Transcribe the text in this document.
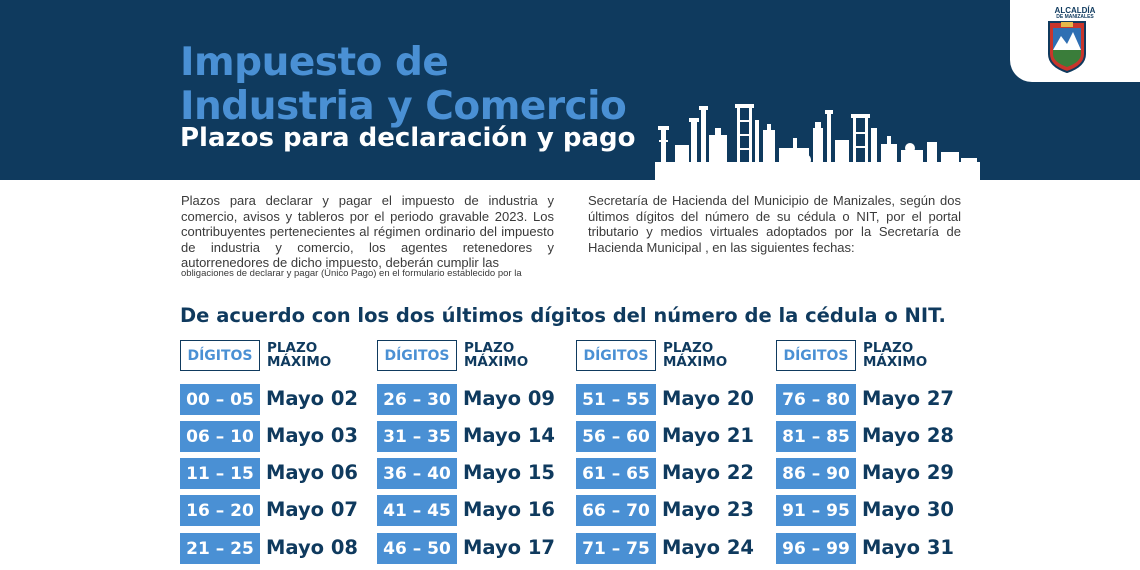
Impuesto de
Industria y Comercio
Plazos para declaración y pago
ALCALDÍA
DE MANIZALES
Plazos para declarar y pagar el impuesto de industria y comercio, avisos y tableros por el periodo gravable 2023. Los contribuyentes pertenecientes al régimen ordinario del impuesto de industria y comercio, los agentes retenedores y autorrenedores de dicho impuesto, deberán cumplir las
obligaciones de declarar y pagar (Único Pago) en el formulario establecido por la
Secretaría de Hacienda del Municipio de Manizales, según dos últimos dígitos del número de su cédula o NIT, por el portal tributario y medios virtuales adoptados por la Secretaría de Hacienda Municipal , en las siguientes fechas:
De acuerdo con los dos últimos dígitos del número de la cédula o NIT.
DÍGITOS	PLAZO
MÁXIMO
00 – 05 Mayo 02
06 – 10 Mayo 03
11 – 15 Mayo 06
16 – 20 Mayo 07
21 – 25 Mayo 08
DÍGITOS	PLAZO
MÁXIMO
26 – 30 Mayo 09
31 – 35 Mayo 14
36 – 40 Mayo 15
41 – 45 Mayo 16
46 – 50 Mayo 17
DÍGITOS	PLAZO
MÁXIMO
51 – 55 Mayo 20
56 – 60 Mayo 21
61 – 65 Mayo 22
66 – 70 Mayo 23
71 – 75 Mayo 24
DÍGITOS	PLAZO
MÁXIMO
76 – 80 Mayo 27
81 – 85 Mayo 28
86 – 90 Mayo 29
91 – 95 Mayo 30
96 – 99 Mayo 31
